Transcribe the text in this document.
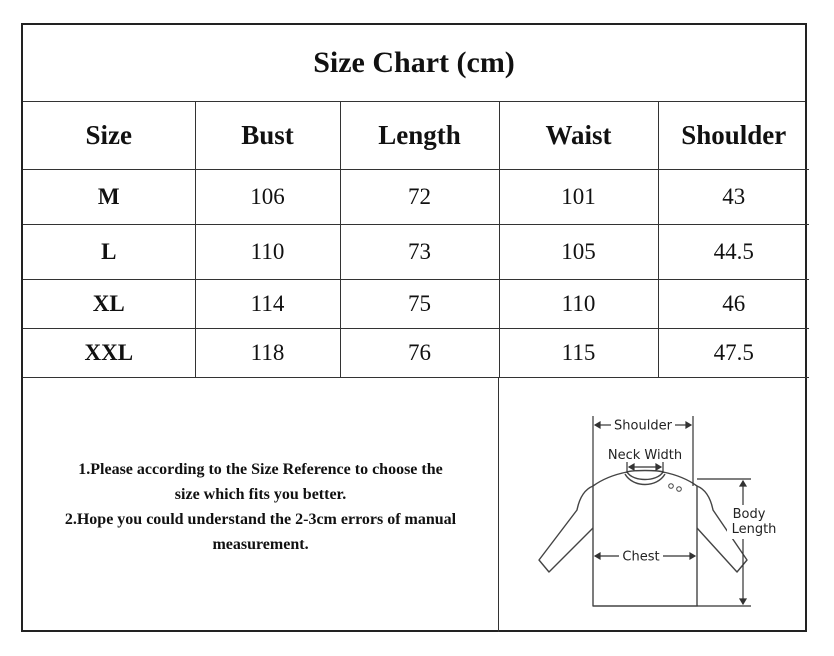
Size Chart (cm)
Size	Bust	Length	Waist	Shoulder
M	106	72	101	43
L	110	73	105	44.5
XL	114	75	110	46
XXL	118	76	115	47.5
1.Please according to the Size Reference to choose the
size which fits you better.
2.Hope you could understand the 2-3cm errors of manual
measurement.
Shoulder
Neck Width
Chest
Body
Length
